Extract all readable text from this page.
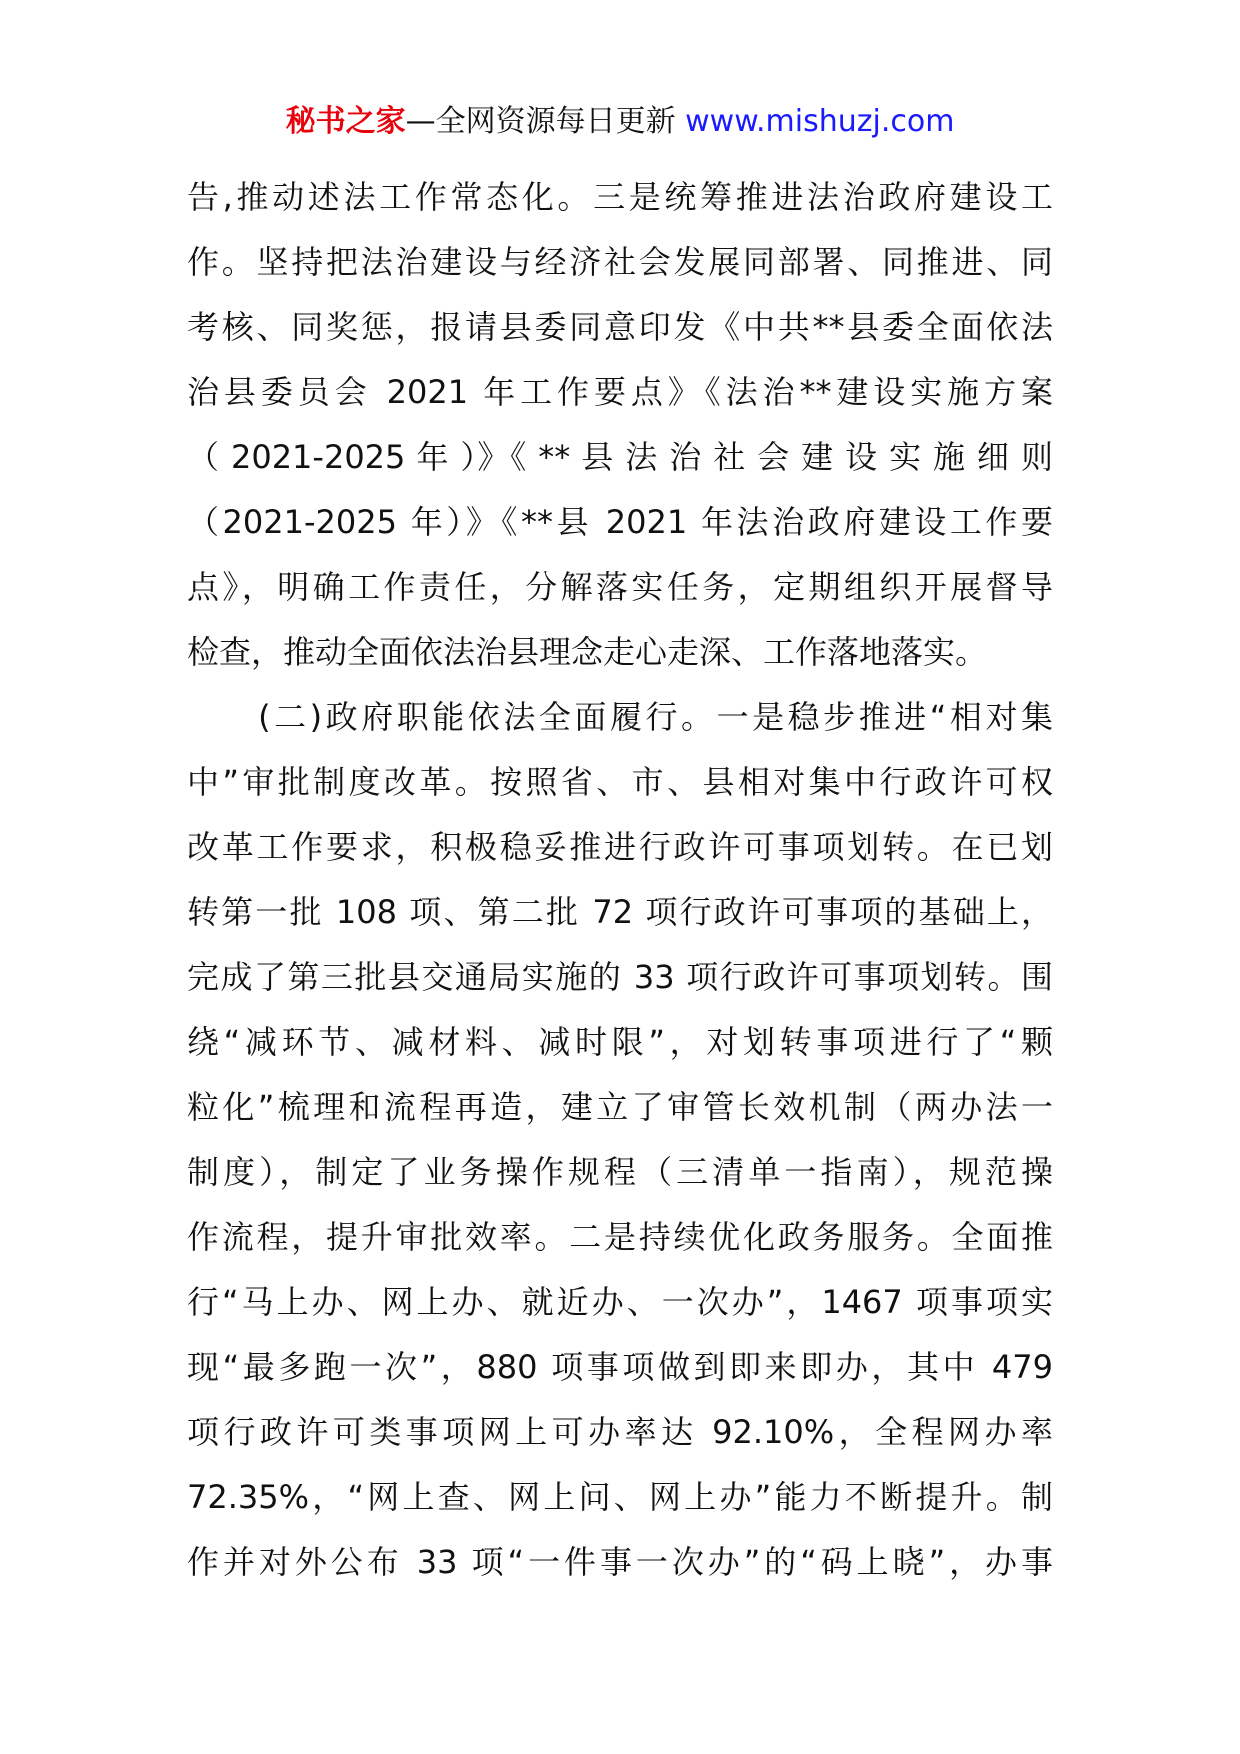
秘书之家—全网资源每日更新 www.mishuzj.com
告,推动述法工作常态化。三是统筹推进法治政府建设工
作。坚持把法治建设与经济社会发展同部署、同推进、同
考核、同奖惩，报请县委同意印发《中共**县委全面依法
治县委员会 2021 年工作要点》《法治**建设实施方案
（ 2021-2025 年 ）》《 ** 县 法 治 社 会 建 设 实 施 细 则
（2021-2025 年）》《**县 2021 年法治政府建设工作要
点》，明确工作责任，分解落实任务，定期组织开展督导
检查，推动全面依法治县理念走心走深、工作落地落实。
　　(二)政府职能依法全面履行。一是稳步推进“相对集
中”审批制度改革。按照省、市、县相对集中行政许可权
改革工作要求，积极稳妥推进行政许可事项划转。在已划
转第一批 108 项、第二批 72 项行政许可事项的基础上，
完成了第三批县交通局实施的 33 项行政许可事项划转。围
绕“减环节、减材料、减时限”，对划转事项进行了“颗
粒化”梳理和流程再造，建立了审管长效机制（两办法一
制度），制定了业务操作规程（三清单一指南），规范操
作流程，提升审批效率。二是持续优化政务服务。全面推
行“马上办、网上办、就近办、一次办”，1467 项事项实
现“最多跑一次”，880 项事项做到即来即办，其中 479
项行政许可类事项网上可办率达 92.10%，全程网办率
72.35%，“网上查、网上问、网上办”能力不断提升。制
作并对外公布 33 项“一件事一次办”的“码上晓”，办事
